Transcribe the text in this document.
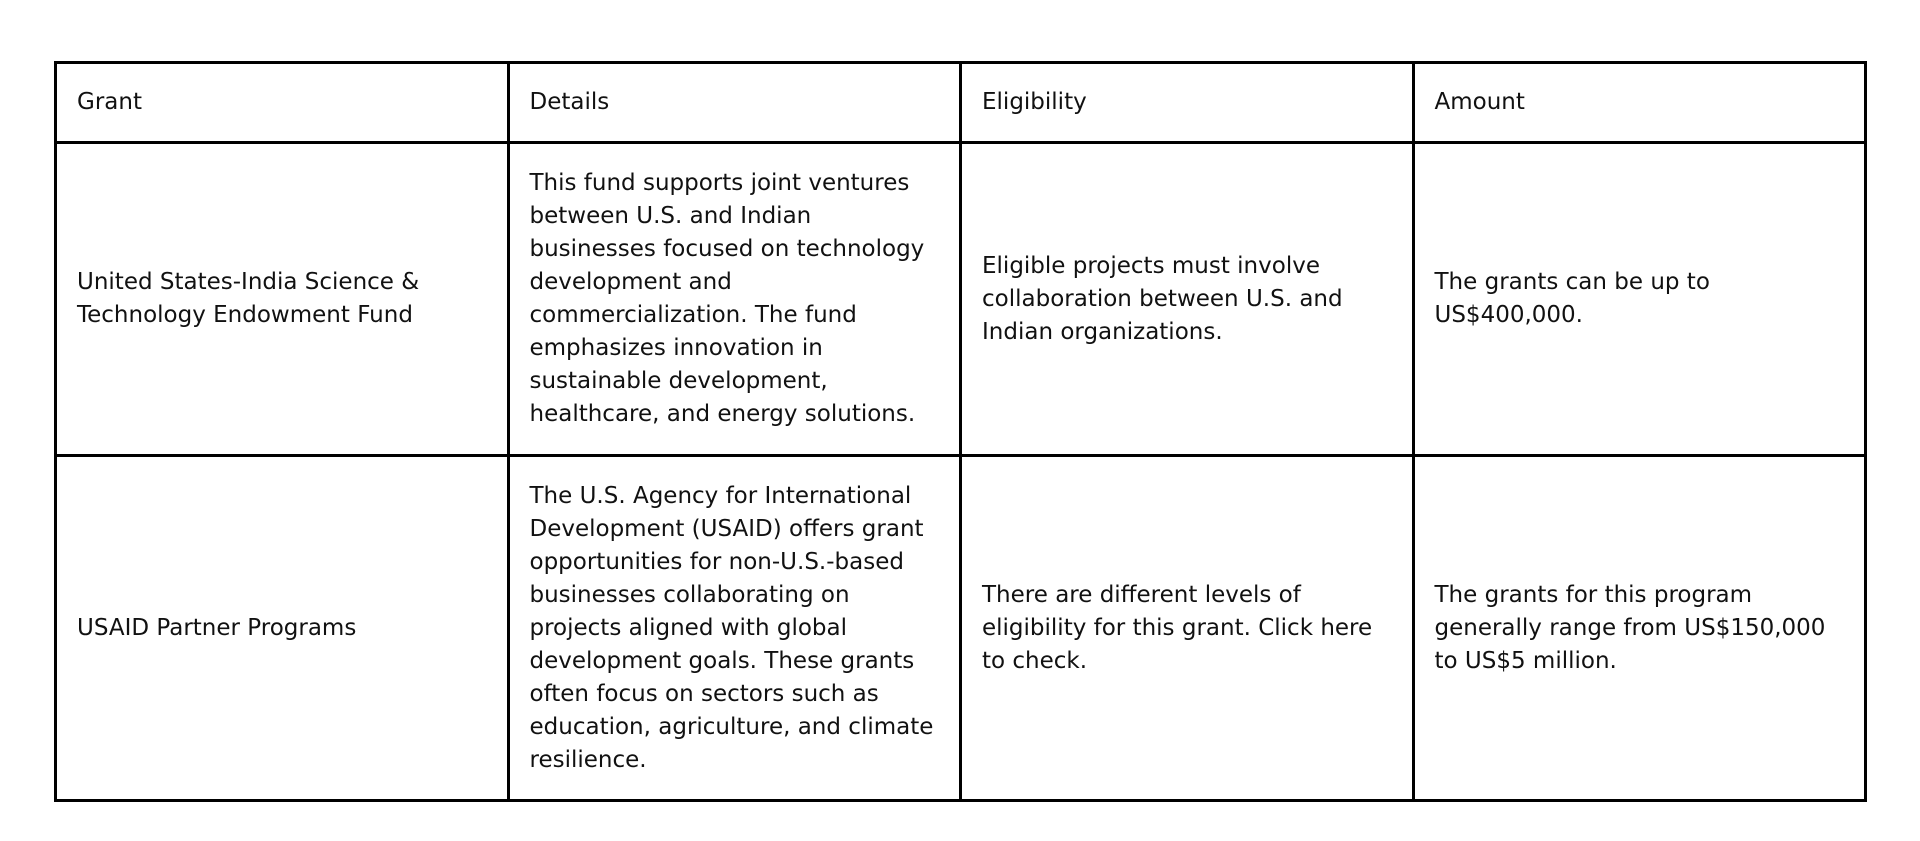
Grant	Details	Eligibility	Amount

United States-India Science & Technology Endowment Fund	This fund supports joint ventures between U.S. and Indian businesses focused on technology development and commercialization. The fund emphasizes innovation in sustainable development, healthcare, and energy solutions.	Eligible projects must involve collaboration between U.S. and Indian organizations.	The grants can be up to US$400,000.

USAID Partner Programs	The U.S. Agency for International Development (USAID) offers grant opportunities for non-U.S.-based businesses collaborating on projects aligned with global development goals. These grants often focus on sectors such as education, agriculture, and climate resilience.	There are different levels of eligibility for this grant. Click here to check.	The grants for this program generally range from US$150,000 to US$5 million.
